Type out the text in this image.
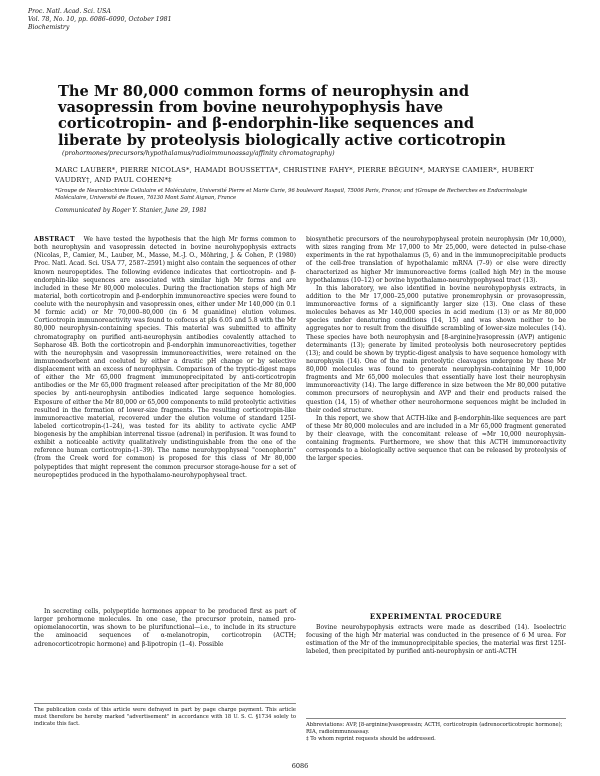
Proc. Natl. Acad. Sci. USA
Vol. 78, No. 10, pp. 6086–6090, October 1981
Biochemistry
The Mr 80,000 common forms of neurophysin and vasopressin from bovine neurohypophysis have corticotropin- and β-endorphin-like sequences and liberate by proteolysis biologically active corticotropin
(prohormones/precursors/hypothalamus/radioimmunoassay/affinity chromatography)
MARC LAUBER*, PIERRE NICOLAS*, HAMADI BOUSSETTA*, CHRISTINE FAHY*, PIERRE BÉGUIN*, MARYSE CAMIER*, HUBERT VAUDRY†, AND PAUL COHEN*‡
*Groupe de Neurobiochimie Cellulaire et Moléculaire, Université Pierre et Marie Curie, 96 boulevard Raspail, 75006 Paris, France; and †Groupe de Recherches en Endocrinologie Moléculaire, Université de Rouen, 76130 Mont Saint Aignan, France
Communicated by Roger Y. Stanier, June 29, 1981

ABSTRACT We have tested the hypothesis that the high Mr forms common to both neurophysin and vasopressin detected in bovine neurohypophysis extracts (Nicolas, P., Camier, M., Lauber, M., Masse, M.-J. O., Möhring, J. & Cohen, P. (1980) Proc. Natl. Acad. Sci. USA 77, 2587–2591) might also contain the sequences of other known neuropeptides. The following evidence indicates that corticotropin- and β-endorphin-like sequences are associated with similar high Mr forms and are included in these Mr 80,000 molecules. During the fractionation steps of high Mr material, both corticotropin and β-endorphin immunoreactive species were found to coelute with the neurophysin and vasopressin ones, either under Mr 140,000 (in 0.1 M formic acid) or Mr 70,000–80,000 (in 6 M guanidine) elution volumes. Corticotropin immunoreactivity was found to cofocus at pIs 6.05 and 5.8 with the Mr 80,000 neurophysin-containing species. This material was submitted to affinity chromatography on purified anti-neurophysin antibodies covalently attached to Sepharose 4B. Both the corticotropin and β-endorphin immunoreactivities, together with the neurophysin and vasopressin immunoreactivities, were retained on the immunoadsorbent and coeluted by either a drastic pH change or by selective displacement with an excess of neurophysin. Comparison of the tryptic-digest maps of either the Mr 65,000 fragment immunoprecipitated by anti-corticotropin antibodies or the Mr 65,000 fragment released after precipitation of the Mr 80,000 species by anti-neurophysin antibodies indicated large sequence homologies. Exposure of either the Mr 80,000 or 65,000 components to mild proteolytic activities resulted in the formation of lower-size fragments. The resulting corticotropin-like immunoreactive material, recovered under the elution volume of standard 125I-labeled corticotropin-(1–24), was tested for its ability to activate cyclic AMP biogenesis by the amphibian interrenal tissue (adrenal) in perifusion. It was found to exhibit a noticeable activity qualitatively undistinguishable from the one of the reference human corticotropin-(1–39). The name neurohypophyseal "coenophorin" (from the Creek word for common) is proposed for this class of Mr 80,000 polypeptides that might represent the common precursor storage-house for a set of neuropeptides produced in the hypothalamo-neurohypophyseal tract.

In secreting cells, polypeptide hormones appear to be produced first as part of larger prohormone molecules. In one case, the precursor protein, named pro-opiomelanocortin, was shown to be plurifunctional—i.e., to include in its structure the aminoacid sequences of α-melanotropin, corticotropin (ACTH; adrenocorticotropic hormone) and β-lipotropin (1–4). Possible

The publication costs of this article were defrayed in part by page charge payment. This article must therefore be hereby marked "advertisement" in accordance with 18 U. S. C. §1734 solely to indicate this fact.

biosynthetic precursors of the neurohypophyseal protein neurophysin (Mr 10,000), with sizes ranging from Mr 17,000 to Mr 25,000, were detected in pulse-chase experiments in the rat hypothalamus (5, 6) and in the immunoprecipitable products of the cell-free translation of hypothalamic mRNA (7–9) or else were directly characterized as higher Mr immunoreactive forms (called high Mr) in the mouse hypothalamus (10–12) or bovine hypothalamo-neurohypophyseal tract (13).

In this laboratory, we also identified in bovine neurohypophysis extracts, in addition to the Mr 17,000–25,000 putative pronemrophysin or provasopressin, immunoreactive forms of a significantly larger size (13). One class of these molecules behaves as Mr 140,000 species in acid medium (13) or as Mr 80,000 species under denaturing conditions (14, 15) and was shown neither to be aggregates nor to result from the disulfide scrambling of lower-size molecules (14). These species have both neurophysin and [8-arginine]vasopressin (AVP) antigenic determinants (13); generate by limited proteolysis both neurosecretory peptides (13); and could be shown by tryptic-digest analysis to have sequence homology with neurophysin (14). One of the main proteolytic cleavages undergone by these Mr 80,000 molecules was found to generate neurophysin-containing Mr 10,000 fragments and Mr 65,000 molecules that essentially have lost their neurophysin immunoreactivity (14). The large difference in size between the Mr 80,000 putative common precursors of neurophysin and AVP and their end products raised the question (14, 15) of whether other neurohormone sequences might be included in their coded structure.

In this report, we show that ACTH-like and β-endorphin-like sequences are part of these Mr 80,000 molecules and are included in a Mr 65,000 fragment generated by their cleavage, with the concomitant release of ≈Mr 10,000 neurophysin-containing fragments. Furthermore, we show that this ACTH immunoreactivity corresponds to a biologically active sequence that can be released by proteolysis of the larger species.

EXPERIMENTAL PROCEDURE

Bovine neurohypophysis extracts were made as described (14). Isoelectric focusing of the high Mr material was conducted in the presence of 6 M urea. For estimation of the Mr of the immunoprecipitable species, the material was first 125I-labeled, then precipitated by purified anti-neurophysin or anti-ACTH

Abbreviations: AVP, [8-arginine]vasopressin; ACTH, corticotropin (adrenocorticotropic hormone); RIA, radioimmunoassay.
‡ To whom reprint requests should be addressed.
6086
